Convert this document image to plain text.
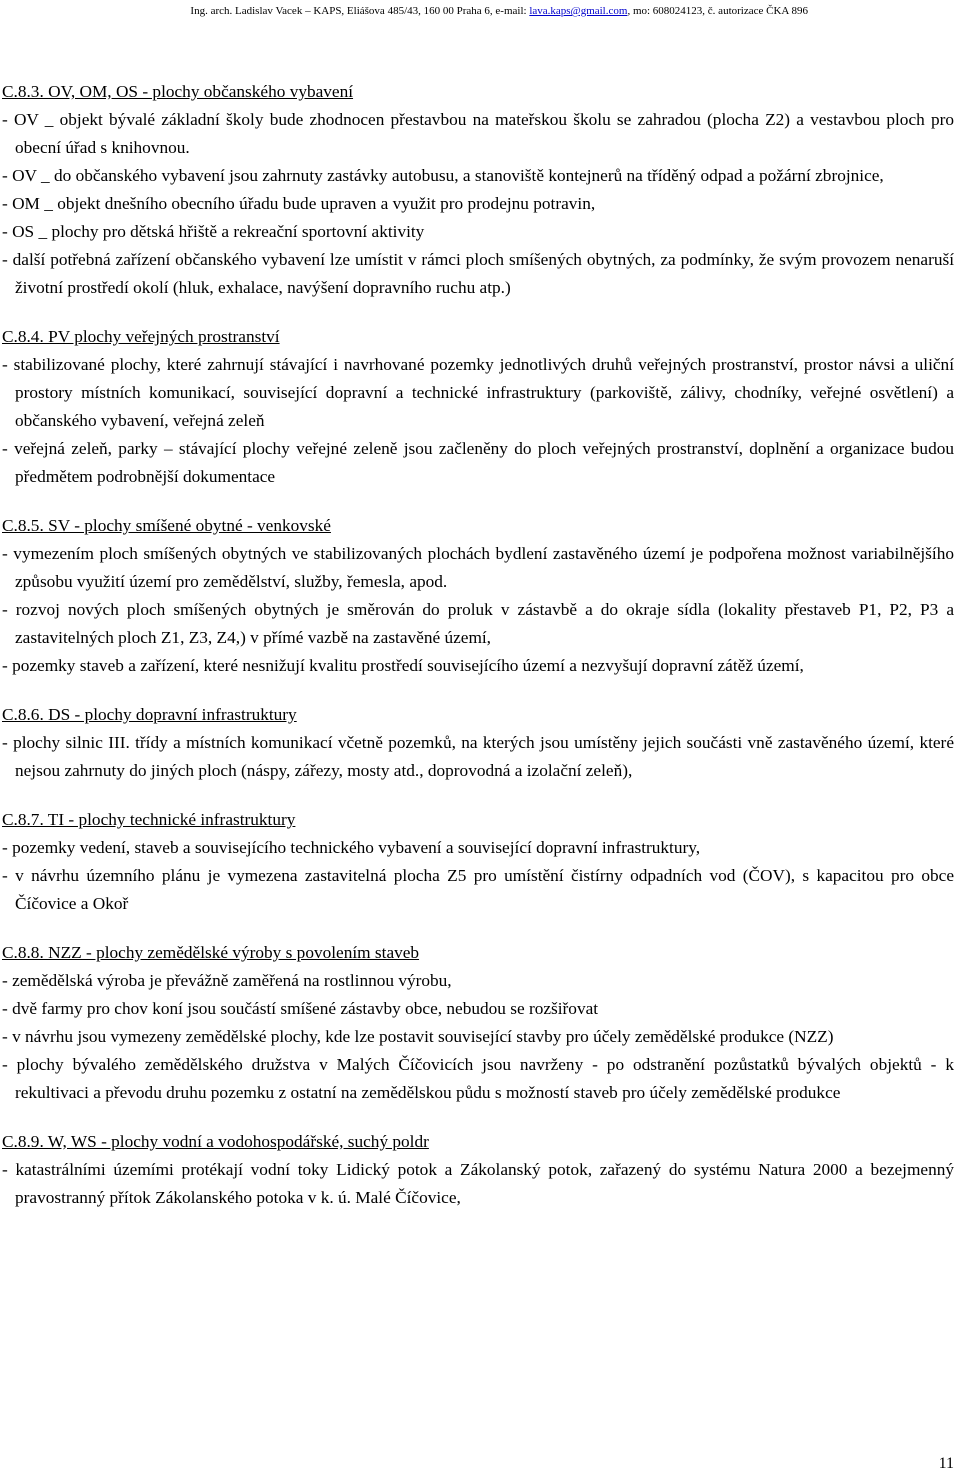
Ing. arch. Ladislav Vacek – KAPS, Eliášova 485/43, 160 00 Praha 6, e-mail: lava.kaps@gmail.com, mo: 608024123, č. autorizace ČKA 896
C.8.3. OV, OM, OS - plochy občanského vybavení
- OV _ objekt bývalé základní školy bude zhodnocen přestavbou na mateřskou školu se zahradou (plocha Z2) a vestavbou ploch pro obecní úřad s knihovnou.
- OV _ do občanského vybavení jsou zahrnuty zastávky autobusu, a stanoviště kontejnerů na tříděný odpad a požární zbrojnice,
- OM _ objekt dnešního obecního úřadu bude upraven a využit pro prodejnu potravin,
- OS _ plochy pro dětská hřiště a rekreační sportovní aktivity
- další potřebná zařízení občanského vybavení lze umístit v rámci ploch smíšených obytných, za podmínky, že svým provozem nenaruší životní prostředí okolí (hluk, exhalace, navýšení dopravního ruchu atp.)
C.8.4. PV plochy veřejných prostranství
- stabilizované plochy, které zahrnují stávající i navrhované pozemky jednotlivých druhů veřejných prostranství, prostor návsi a uliční prostory místních komunikací, související dopravní a technické infrastruktury (parkoviště, zálivy, chodníky, veřejné osvětlení) a občanského vybavení, veřejná zeleň
- veřejná zeleň, parky – stávající plochy veřejné zeleně jsou začleněny do ploch veřejných prostranství, doplnění a organizace budou předmětem podrobnější dokumentace
C.8.5. SV - plochy smíšené obytné - venkovské
- vymezením ploch smíšených obytných ve stabilizovaných plochách bydlení zastavěného území je podpořena možnost variabilnějšího způsobu využití území pro zemědělství, služby, řemesla, apod.
- rozvoj nových ploch smíšených obytných je směrován do proluk v zástavbě a do okraje sídla (lokality přestaveb P1, P2, P3 a zastavitelných ploch Z1, Z3, Z4,) v přímé vazbě na zastavěné území,
- pozemky staveb a zařízení, které nesnižují kvalitu prostředí souvisejícího území a nezvyšují dopravní zátěž území,
C.8.6. DS - plochy dopravní infrastruktury
- plochy silnic III. třídy a místních komunikací včetně pozemků, na kterých jsou umístěny jejich součásti vně zastavěného území, které nejsou zahrnuty do jiných ploch (náspy, zářezy, mosty atd., doprovodná a izolační zeleň),
C.8.7. TI - plochy technické infrastruktury
- pozemky vedení, staveb a souvisejícího technického vybavení a související dopravní infrastruktury,
- v návrhu územního plánu je vymezena zastavitelná plocha Z5 pro umístění čistírny odpadních vod (ČOV), s kapacitou pro obce Číčovice a Okoř
C.8.8. NZZ - plochy zemědělské výroby s povolením staveb
- zemědělská výroba je převážně zaměřená na rostlinnou výrobu,
- dvě farmy pro chov koní jsou součástí smíšené zástavby obce, nebudou se rozšiřovat
- v návrhu jsou vymezeny zemědělské plochy, kde lze postavit související stavby pro účely zemědělské produkce (NZZ)
- plochy bývalého zemědělského družstva v Malých Číčovicích jsou navrženy - po odstranění pozůstatků bývalých objektů - k rekultivaci a převodu druhu pozemku z ostatní na zemědělskou půdu s možností staveb pro účely zemědělské produkce
C.8.9. W, WS - plochy vodní a vodohospodářské, suchý poldr
- katastrálními územími protékají vodní toky Lidický potok a Zákolanský potok, zařazený do systému Natura 2000 a bezejmenný pravostranný přítok Zákolanského potoka v k. ú. Malé Číčovice,
11
